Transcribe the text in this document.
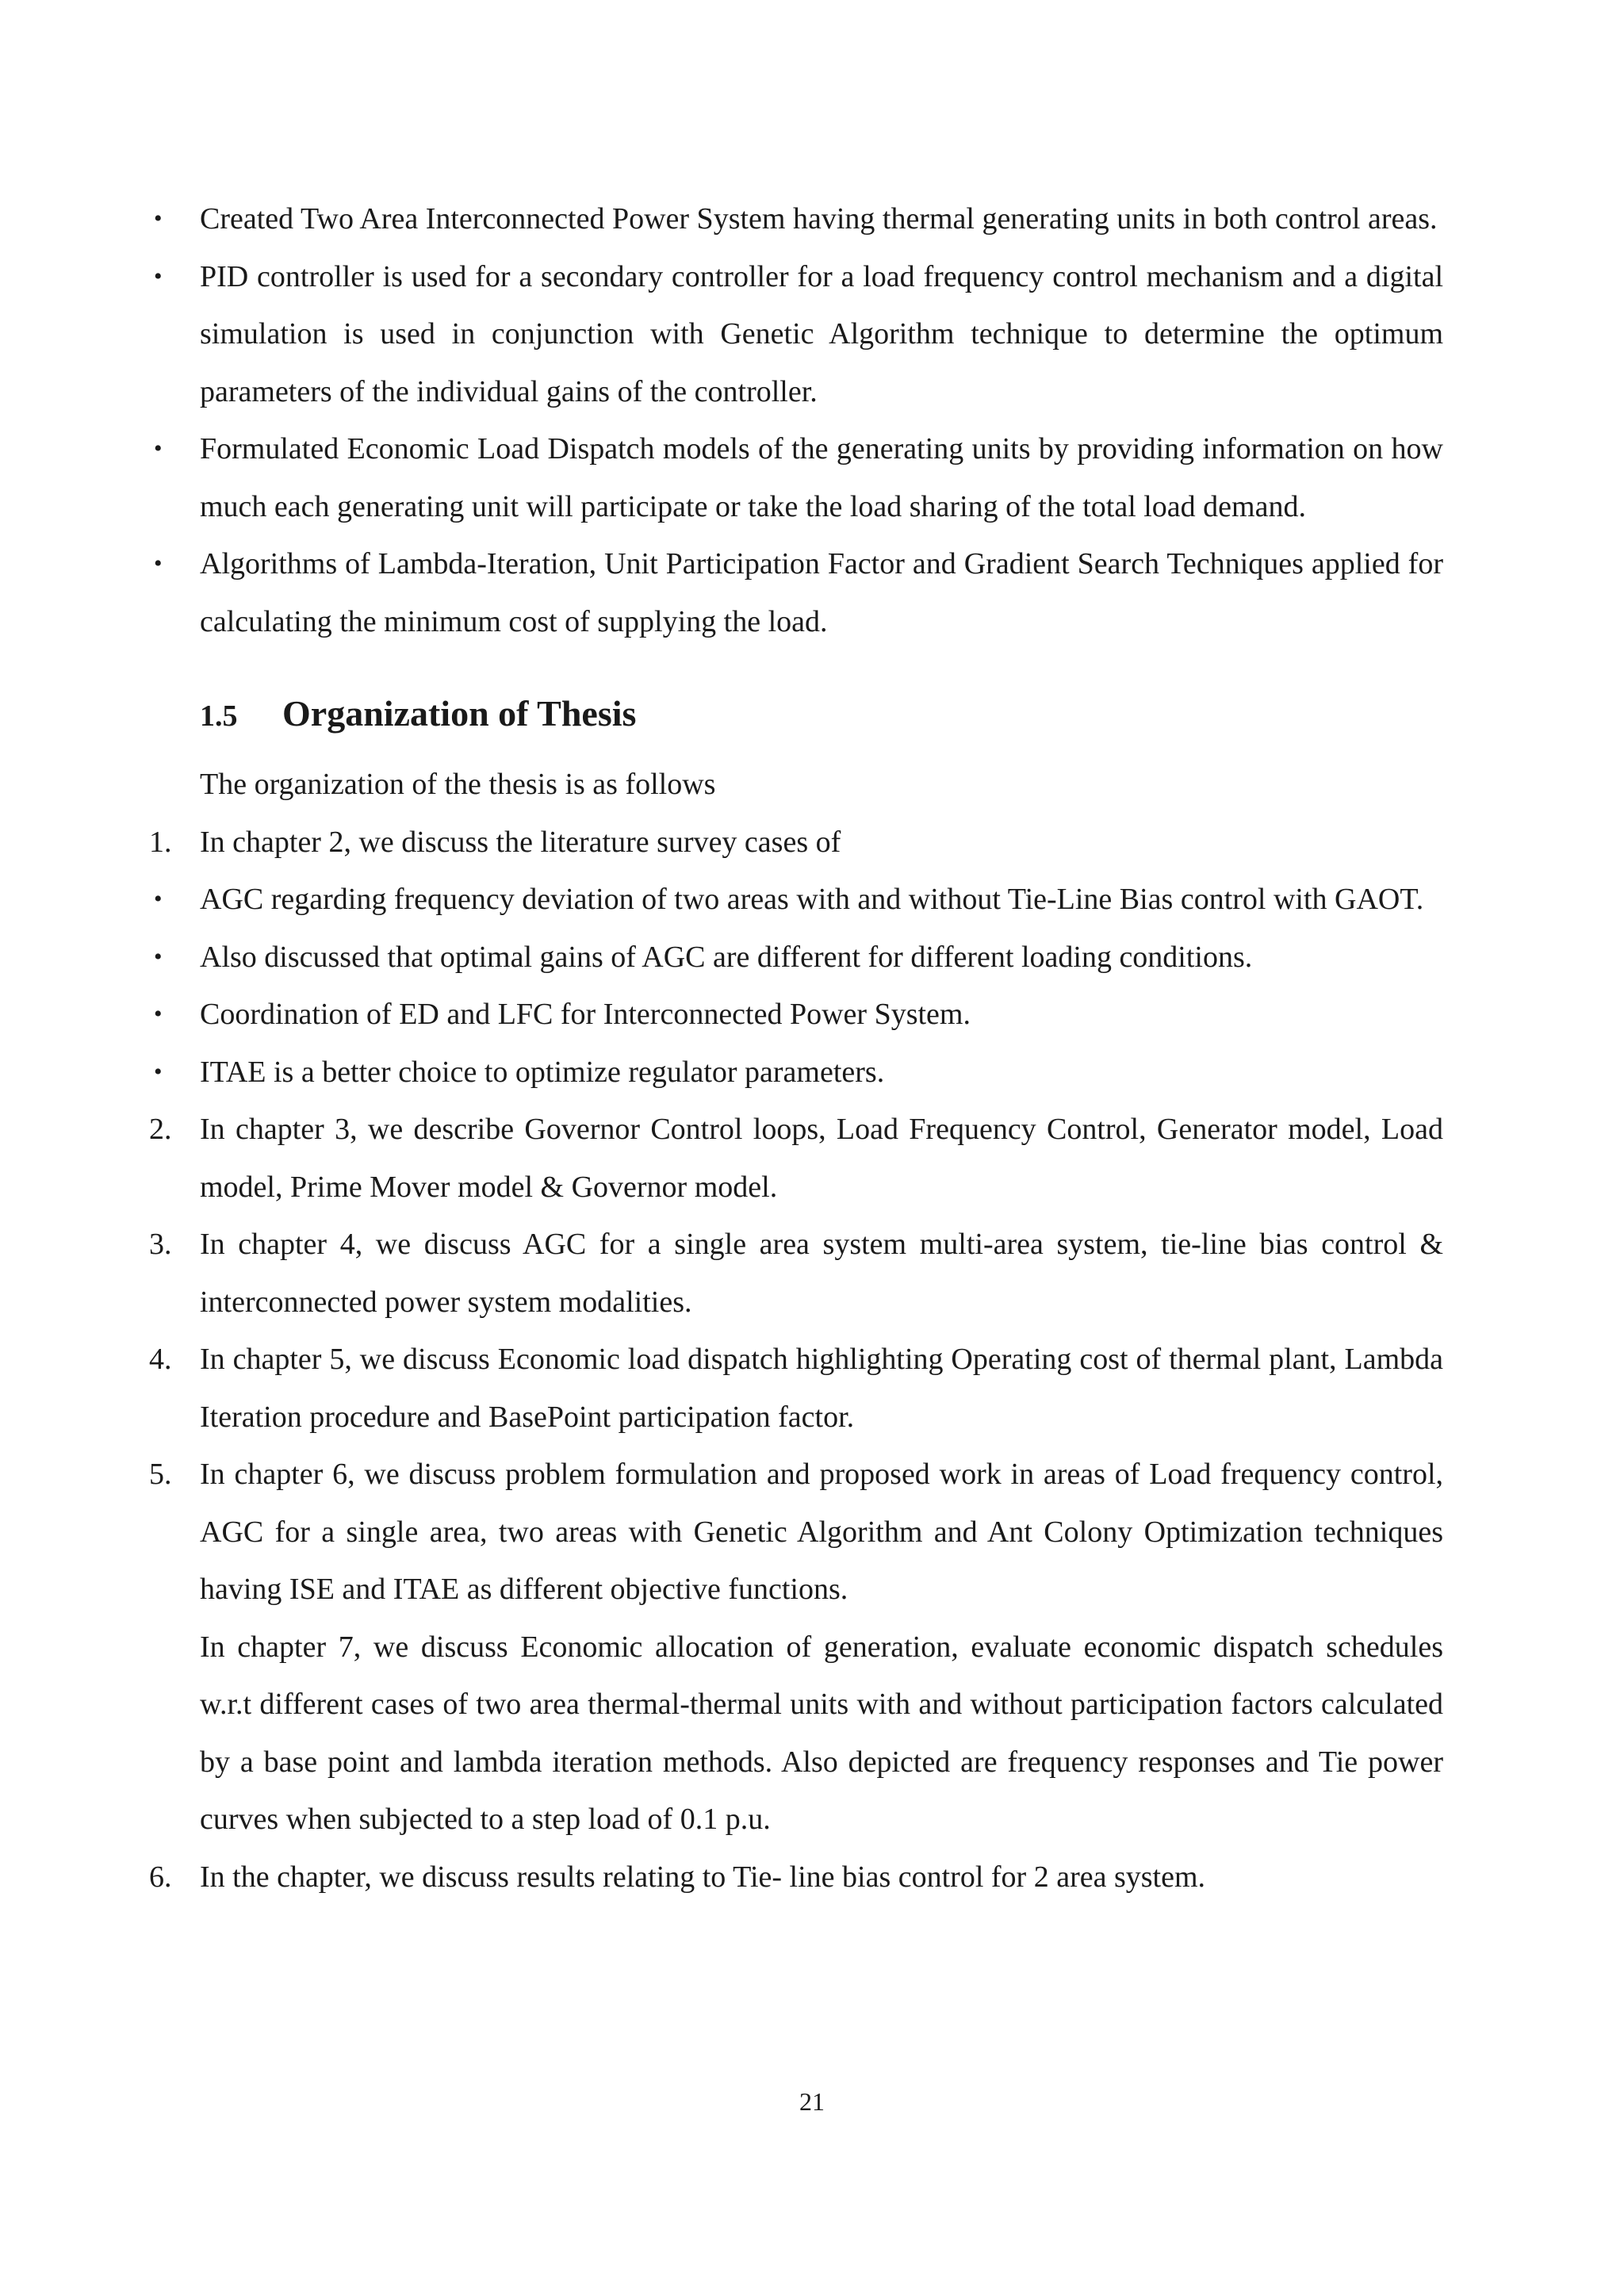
•	Created Two Area Interconnected Power System having thermal generating units in both control areas.
•	PID controller is used for a secondary controller for a load frequency control mechanism and a digital simulation is used in conjunction with Genetic Algorithm technique to determine the optimum parameters of the individual gains of the controller.
•	Formulated Economic Load Dispatch models of the generating units by providing information on how much each generating unit will participate or take the load sharing of the total load demand.
•	Algorithms of Lambda-Iteration, Unit Participation Factor and Gradient Search Techniques applied for calculating the minimum cost of supplying the load.
1.5 Organization of Thesis
The organization of the thesis is as follows
1. In chapter 2, we discuss the literature survey cases of
•	AGC regarding frequency deviation of two areas with and without Tie-Line Bias control with GAOT.
•	Also discussed that optimal gains of AGC are different for different loading conditions.
•	Coordination of ED and LFC for Interconnected Power System.
•	ITAE is a better choice to optimize regulator parameters.
2. In chapter 3, we describe Governor Control loops, Load Frequency Control, Generator model, Load model, Prime Mover model & Governor model.
3. In chapter 4, we discuss AGC for a single area system multi-area system, tie-line bias control & interconnected power system modalities.
4. In chapter 5, we discuss Economic load dispatch highlighting Operating cost of thermal plant, Lambda Iteration procedure and BasePoint participation factor.
5. In chapter 6, we discuss problem formulation and proposed work in areas of Load frequency control, AGC for a single area, two areas with Genetic Algorithm and Ant Colony Optimization techniques having ISE and ITAE as different objective functions.
In chapter 7, we discuss Economic allocation of generation, evaluate economic dispatch schedules w.r.t different cases of two area thermal-thermal units with and without participation factors calculated by a base point and lambda iteration methods. Also depicted are frequency responses and Tie power curves when subjected to a step load of 0.1 p.u.
6. In the chapter, we discuss results relating to Tie- line bias control for 2 area system.
21
